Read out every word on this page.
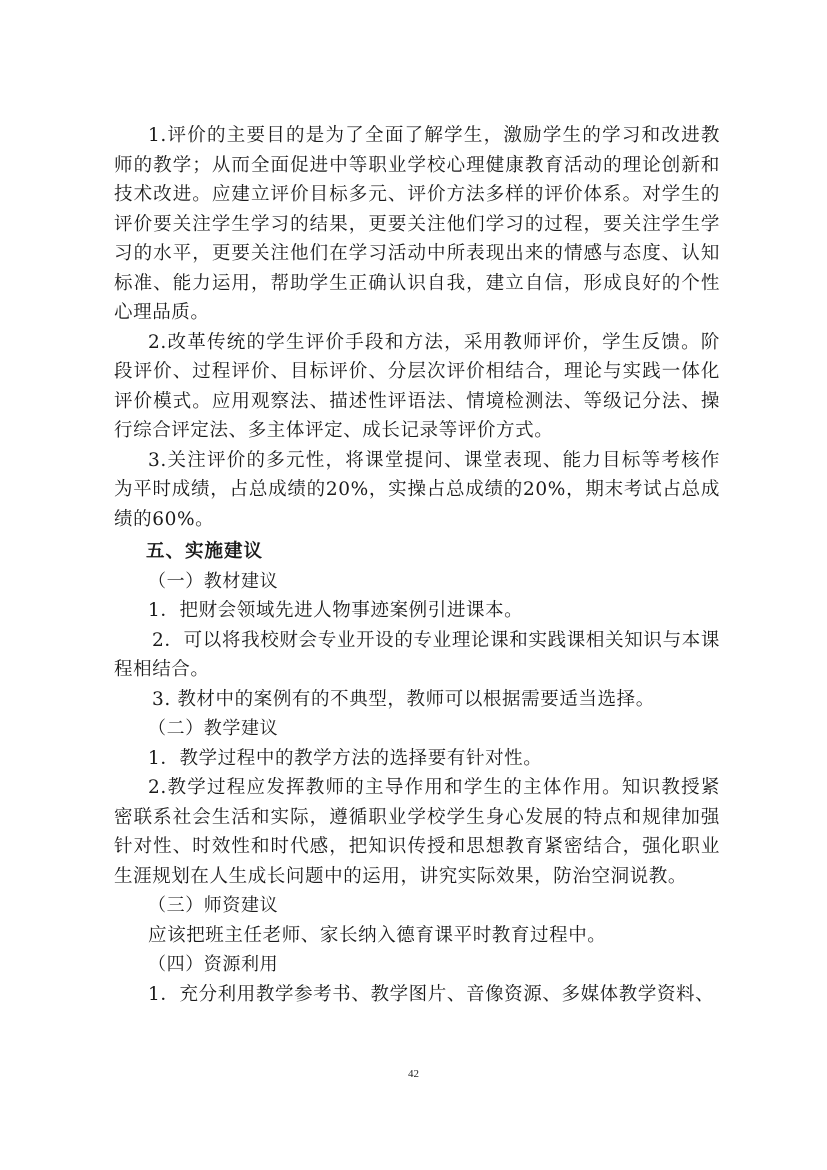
1.评价的主要目的是为了全面了解学生，激励学生的学习和改进教师的教学；从而全面促进中等职业学校心理健康教育活动的理论创新和技术改进。应建立评价目标多元、评价方法多样的评价体系。对学生的评价要关注学生学习的结果，更要关注他们学习的过程，要关注学生学习的水平，更要关注他们在学习活动中所表现出来的情感与态度、认知标准、能力运用，帮助学生正确认识自我，建立自信，形成良好的个性心理品质。

2.改革传统的学生评价手段和方法，采用教师评价，学生反馈。阶段评价、过程评价、目标评价、分层次评价相结合，理论与实践一体化评价模式。应用观察法、描述性评语法、情境检测法、等级记分法、操行综合评定法、多主体评定、成长记录等评价方式。

3.关注评价的多元性，将课堂提问、课堂表现、能力目标等考核作为平时成绩，占总成绩的20%，实操占总成绩的20%，期末考试占总成绩的60%。

五、实施建议

（一）教材建议

1．把财会领域先进人物事迹案例引进课本。

2．可以将我校财会专业开设的专业理论课和实践课相关知识与本课程相结合。

3. 教材中的案例有的不典型，教师可以根据需要适当选择。

（二）教学建议

1．教学过程中的教学方法的选择要有针对性。

2.教学过程应发挥教师的主导作用和学生的主体作用。知识教授紧密联系社会生活和实际，遵循职业学校学生身心发展的特点和规律加强针对性、时效性和时代感，把知识传授和思想教育紧密结合，强化职业生涯规划在人生成长问题中的运用，讲究实际效果，防治空洞说教。

（三）师资建议

应该把班主任老师、家长纳入德育课平时教育过程中。

（四）资源利用

1．充分利用教学参考书、教学图片、音像资源、多媒体教学资料、

42
